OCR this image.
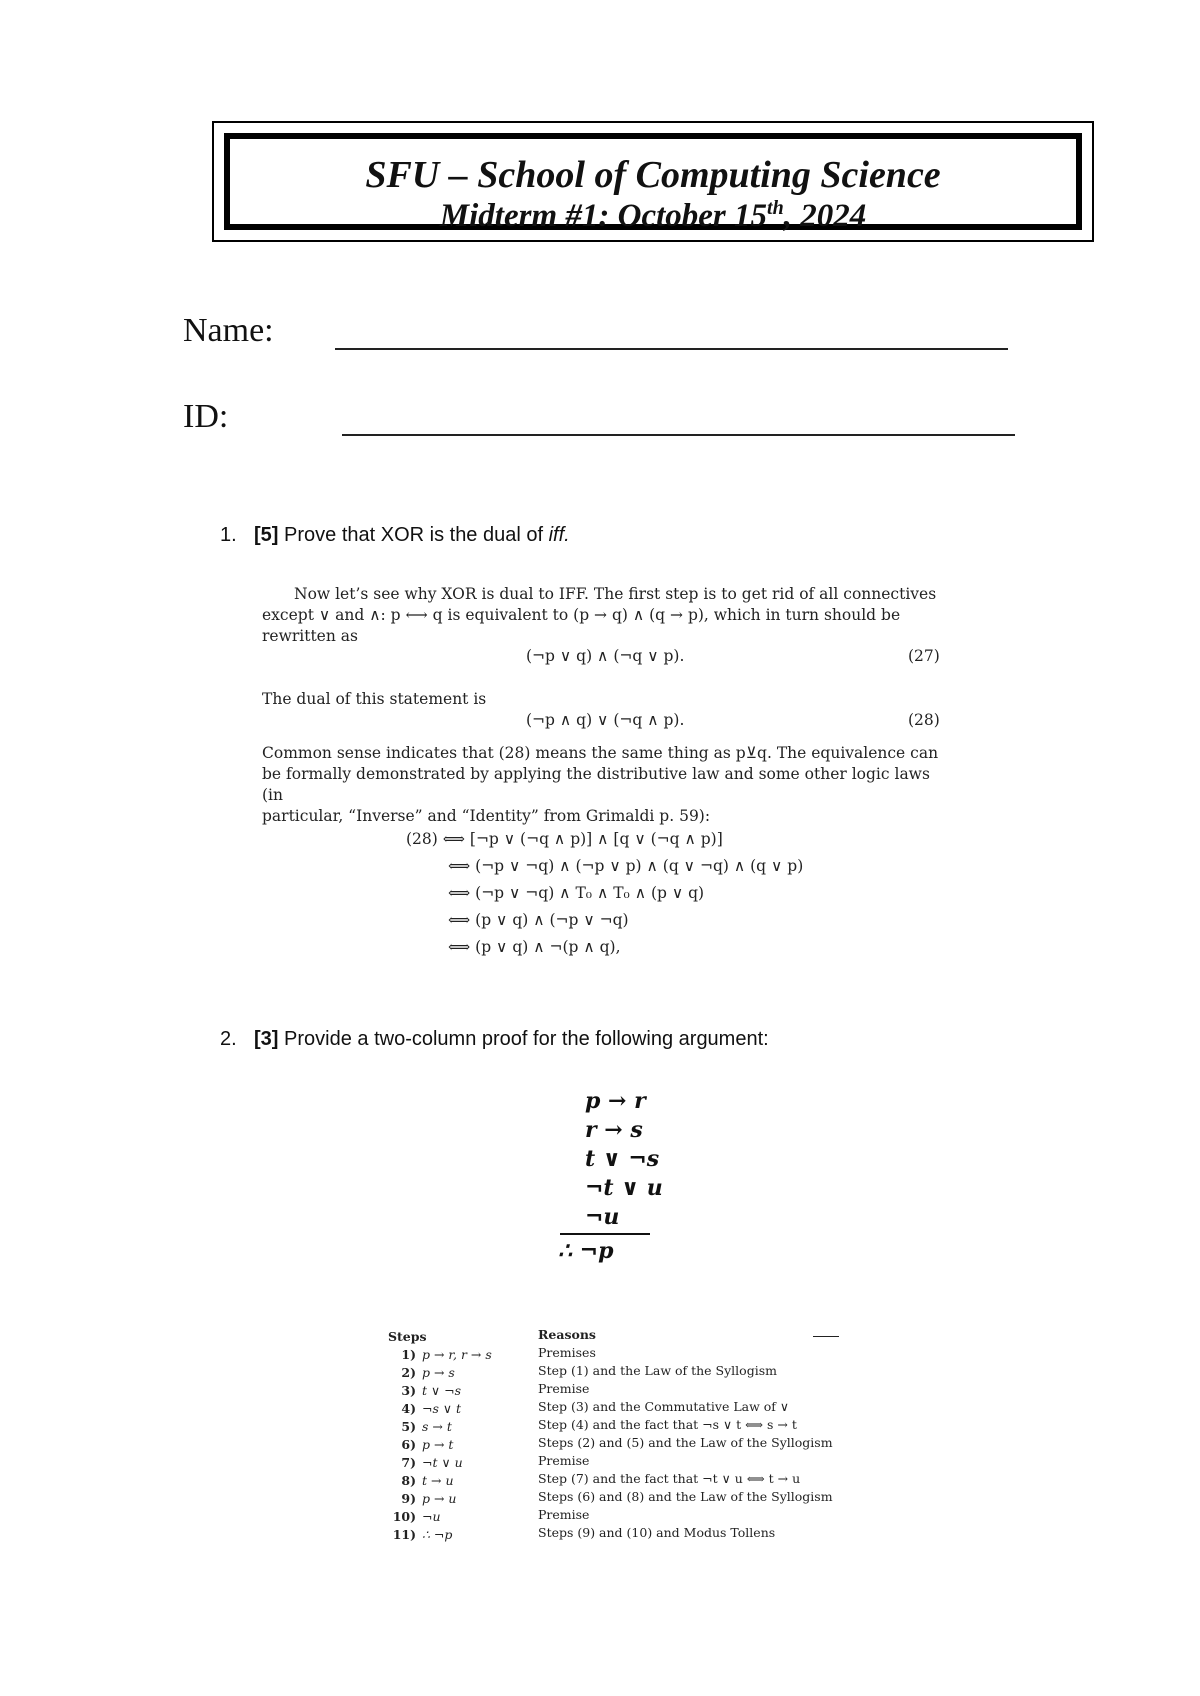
SFU – School of Computing Science
Midterm #1: October 15th, 2024
Name:
ID:
1. [5] Prove that XOR is the dual of iff.

Now let’s see why XOR is dual to IFF. The first step is to get rid of all connectives

except ∨ and ∧: p ⟷ q is equivalent to (p → q) ∧ (q → p), which in turn should be

rewritten as

(¬p ∨ q) ∧ (¬q ∨ p).	(27)
The dual of this statement is
(¬p ∧ q) ∨ (¬q ∧ p).	(28)

Common sense indicates that (28) means the same thing as p⊻q. The equivalence can

be formally demonstrated by applying the distributive law and some other logic laws (in

particular, “Inverse” and “Identity” from Grimaldi p. 59):

(28) ⟺ [¬p ∨ (¬q ∧ p)] ∧ [q ∨ (¬q ∧ p)]
⟺ (¬p ∨ ¬q) ∧ (¬p ∨ p) ∧ (q ∨ ¬q) ∧ (q ∨ p)
⟺ (¬p ∨ ¬q) ∧ T₀ ∧ T₀ ∧ (p ∨ q)
⟺ (p ∨ q) ∧ (¬p ∨ ¬q)
⟺ (p ∨ q) ∧ ¬(p ∧ q),
2. [3] Provide a two-column proof for the following argument:
p → r
r → s
t ∨ ¬s
¬t ∨ u
¬u
∴ ¬p
Steps	Reasons
1) p → r, r → s	Premises
2) p → s	Step (1) and the Law of the Syllogism
3) t ∨ ¬s	Premise
4) ¬s ∨ t	Step (3) and the Commutative Law of ∨
5) s → t	Step (4) and the fact that ¬s ∨ t ⟺ s → t
6) p → t	Steps (2) and (5) and the Law of the Syllogism
7) ¬t ∨ u	Premise
8) t → u	Step (7) and the fact that ¬t ∨ u ⟺ t → u
9) p → u	Steps (6) and (8) and the Law of the Syllogism
10) ¬u	Premise
11) ∴ ¬p	Steps (9) and (10) and Modus Tollens
